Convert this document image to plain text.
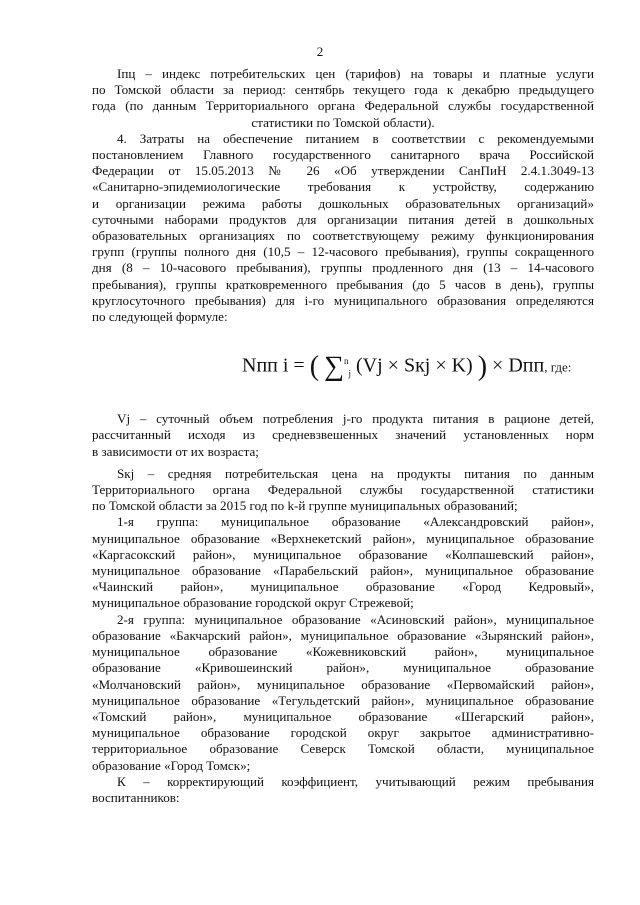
2

Iпц – индекс потребительских цен (тарифов) на товары и платные услуги

по Томской области за период: сентябрь текущего года к декабрю предыдущего

года (по данным Территориального органа Федеральной службы государственной

статистики по Томской области).

4. Затраты на обеспечение питанием в соответствии с рекомендуемыми

постановлением Главного государственного санитарного врача Российской

Федерации от 15.05.2013 № 26 «Об утверждении СанПиН 2.4.1.3049-13

«Санитарно-эпидемиологические требования к устройству, содержанию

и организации режима работы дошкольных образовательных организаций»

суточными наборами продуктов для организации питания детей в дошкольных

образовательных организациях по соответствующему режиму функционирования

групп (группы полного дня (10,5 – 12-часового пребывания), группы сокращенного

дня (8 – 10-часового пребывания), группы продленного дня (13 – 14-часового

пребывания), группы кратковременного пребывания (до 5 часов в день), группы

круглосуточного пребывания) для i-го муниципального образования определяются

по следующей формуле:

Nпп i = ( ∑$^n_j$ (Vj × Sкj × K) ) × Dпп, где:

Vj – суточный объем потребления j-го продукта питания в рационе детей,

рассчитанный исходя из средневзвешенных значений установленных норм

в зависимости от их возраста;

Sкj – средняя потребительская цена на продукты питания по данным

Территориального органа Федеральной службы государственной статистики

по Томской области за 2015 год по k-й группе муниципальных образований;

1-я группа: муниципальное образование «Александровский район»,

муниципальное образование «Верхнекетский район», муниципальное образование

«Каргасокский район», муниципальное образование «Колпашевский район»,

муниципальное образование «Парабельский район», муниципальное образование

«Чаинский район», муниципальное образование «Город Кедровый»,

муниципальное образование городской округ Стрежевой;

2-я группа: муниципальное образование «Асиновский район», муниципальное

образование «Бакчарский район», муниципальное образование «Зырянский район»,

муниципальное образование «Кожевниковский район», муниципальное

образование «Кривошеинский район», муниципальное образование

«Молчановский район», муниципальное образование «Первомайский район»,

муниципальное образование «Тегульдетский район», муниципальное образование

«Томский район», муниципальное образование «Шегарский район»,

муниципальное образование городской округ закрытое административно-

территориальное образование Северск Томской области, муниципальное

образование «Город Томск»;

К – корректирующий коэффициент, учитывающий режим пребывания

воспитанников:
